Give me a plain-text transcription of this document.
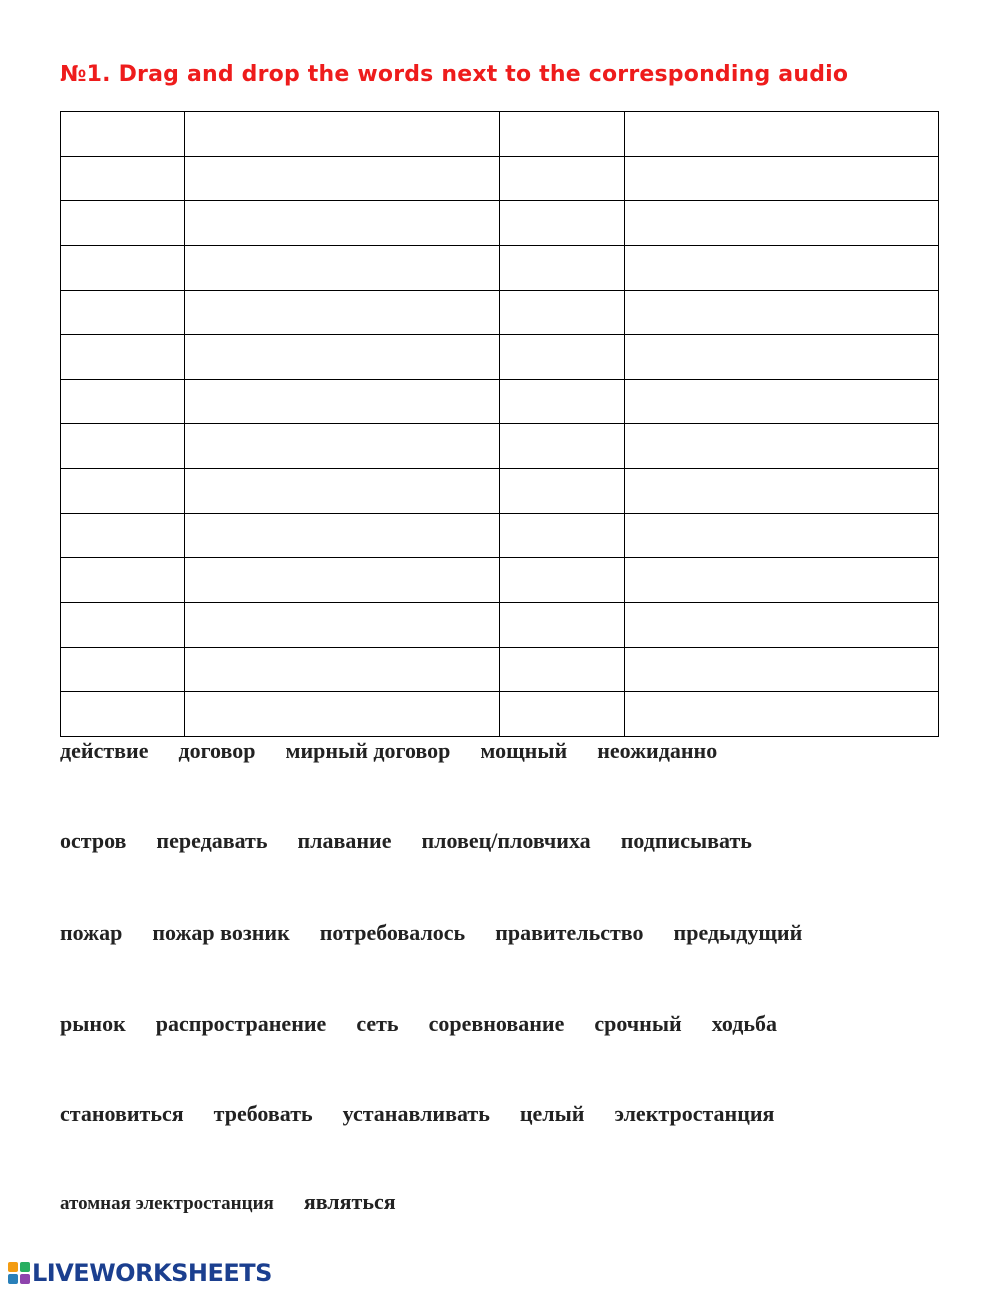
№1. Drag and drop the words next to the corresponding audio

действие договор мирный договор мощный неожиданно
остров передавать плавание пловец/пловчиха подписывать
пожар пожар возник потребовалось правительство предыдущий
рынок распространение сеть соревнование срочный ходьба
становиться требовать устанавливать целый электростанция
атомная электростанция являться
LIVEWORKSHEETS
